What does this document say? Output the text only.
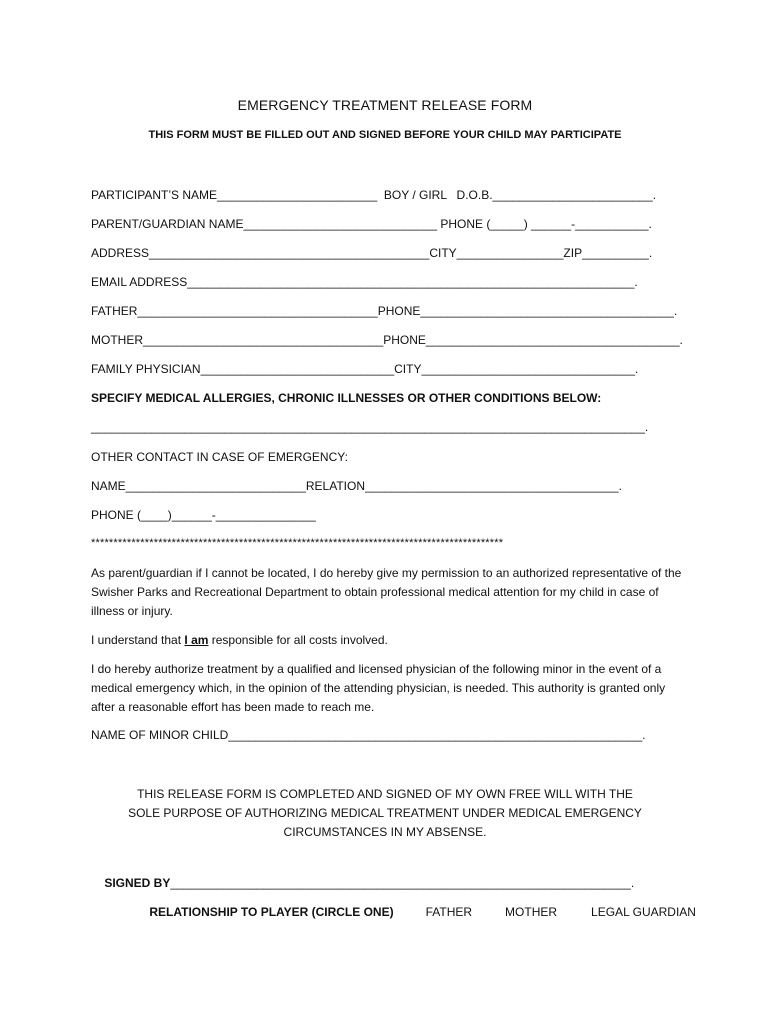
EMERGENCY TREATMENT RELEASE FORM
THIS FORM MUST BE FILLED OUT AND SIGNED BEFORE YOUR CHILD MAY PARTICIPATE
PARTICIPANT’S NAME________________________  BOY / GIRL   D.O.B.________________________.
PARENT/GUARDIAN NAME_____________________________ PHONE (_____) ______-___________.
ADDRESS__________________________________________CITY________________ZIP__________.
EMAIL ADDRESS___________________________________________________________________.
FATHER____________________________________PHONE______________________________________.
MOTHER____________________________________PHONE______________________________________.
FAMILY PHYSICIAN_____________________________CITY________________________________.
SPECIFY MEDICAL ALLERGIES, CHRONIC ILLNESSES OR OTHER CONDITIONS BELOW:
___________________________________________________________________________________.
OTHER CONTACT IN CASE OF EMERGENCY:
NAME___________________________RELATION______________________________________.
PHONE (____)______-_______________
********************************************************************************************
As parent/guardian if I cannot be located, I do hereby give my permission to an authorized representative of the Swisher Parks and Recreational Department to obtain professional medical attention for my child in case of illness or injury.
I understand that I am responsible for all costs involved.
I do hereby authorize treatment by a qualified and licensed physician of the following minor in the event of a medical emergency which, in the opinion of the attending physician, is needed. This authority is granted only after a reasonable effort has been made to reach me.
NAME OF MINOR CHILD______________________________________________________________.
THIS RELEASE FORM IS COMPLETED AND SIGNED OF MY OWN FREE WILL WITH THE SOLE PURPOSE OF AUTHORIZING MEDICAL TREATMENT UNDER MEDICAL EMERGENCY CIRCUMSTANCES IN MY ABSENSE.

SIGNED BY_____________________________________________________________________.

RELATIONSHIP TO PLAYER (CIRCLE ONE)	FATHER	MOTHER	LEGAL GUARDIAN
